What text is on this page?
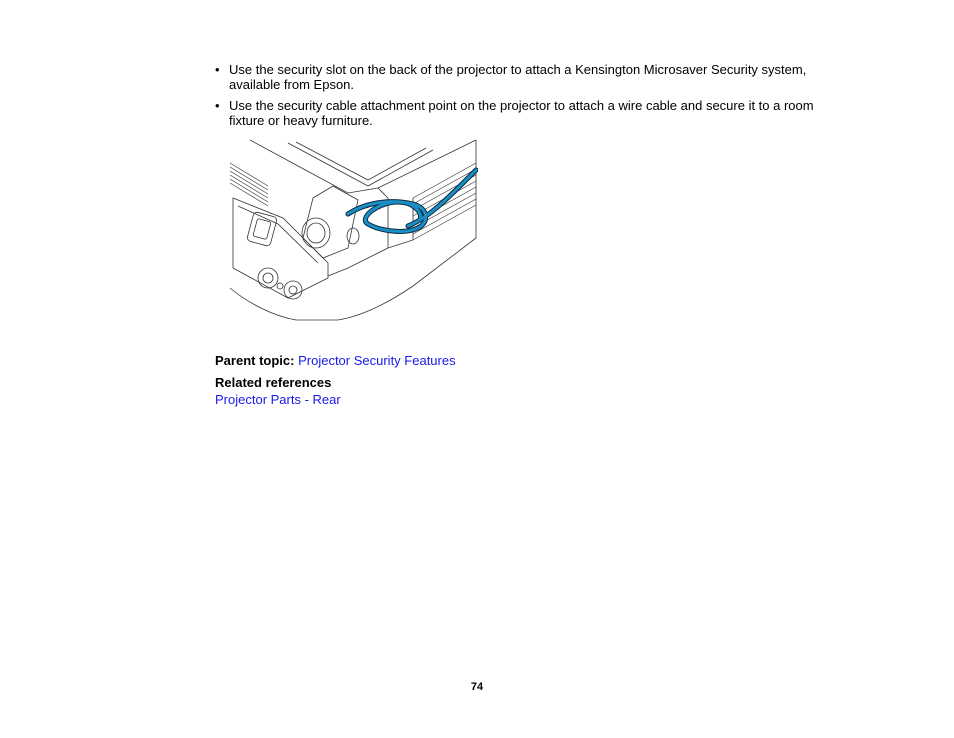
• Use the security slot on the back of the projector to attach a Kensington Microsaver Security system, available from Epson.
• Use the security cable attachment point on the projector to attach a wire cable and secure it to a room fixture or heavy furniture.
Parent topic: Projector Security Features
Related references
Projector Parts - Rear
74
